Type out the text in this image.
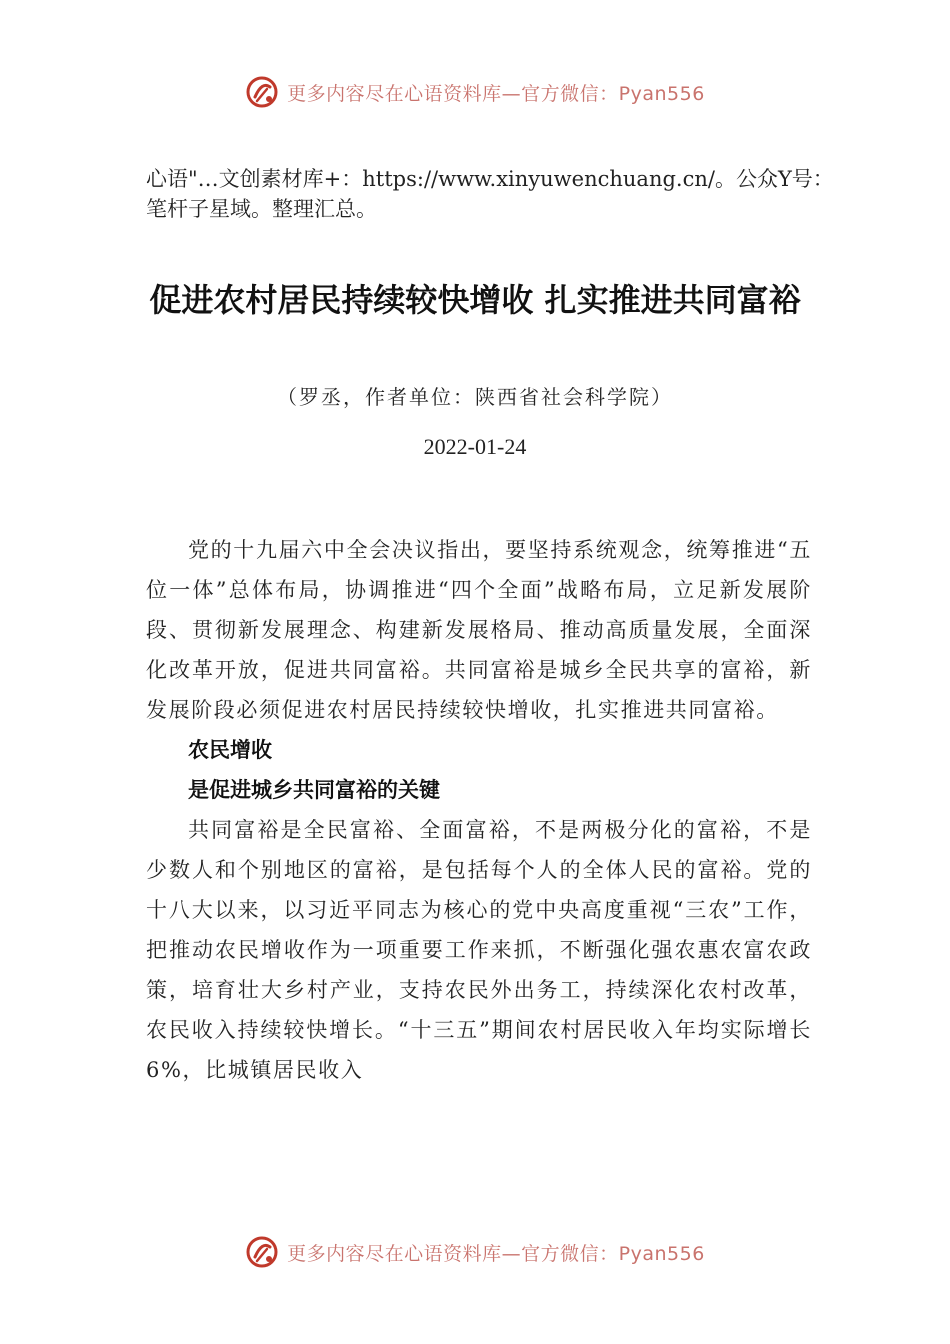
更多内容尽在心语资料库—官方微信：Pyan556
心语"…文创素材库+：https://www.xinyuwenchuang.cn/。公众Y号：笔杆子星域。整理汇总。
促进农村居民持续较快增收 扎实推进共同富裕
（罗丞，作者单位：陕西省社会科学院）
2022-01-24

党的十九届六中全会决议指出，要坚持系统观念，统筹推进“五位一体”总体布局，协调推进“四个全面”战略布局，立足新发展阶段、贯彻新发展理念、构建新发展格局、推动高质量发展，全面深化改革开放，促进共同富裕。共同富裕是城乡全民共享的富裕，新发展阶段必须促进农村居民持续较快增收，扎实推进共同富裕。

农民增收

是促进城乡共同富裕的关键

共同富裕是全民富裕、全面富裕，不是两极分化的富裕，不是少数人和个别地区的富裕，是包括每个人的全体人民的富裕。党的十八大以来，以习近平同志为核心的党中央高度重视“三农”工作，把推动农民增收作为一项重要工作来抓，不断强化强农惠农富农政策，培育壮大乡村产业，支持农民外出务工，持续深化农村改革，农民收入持续较快增长。“十三五”期间农村居民收入年均实际增长 6%，比城镇居民收入

更多内容尽在心语资料库—官方微信：Pyan556
